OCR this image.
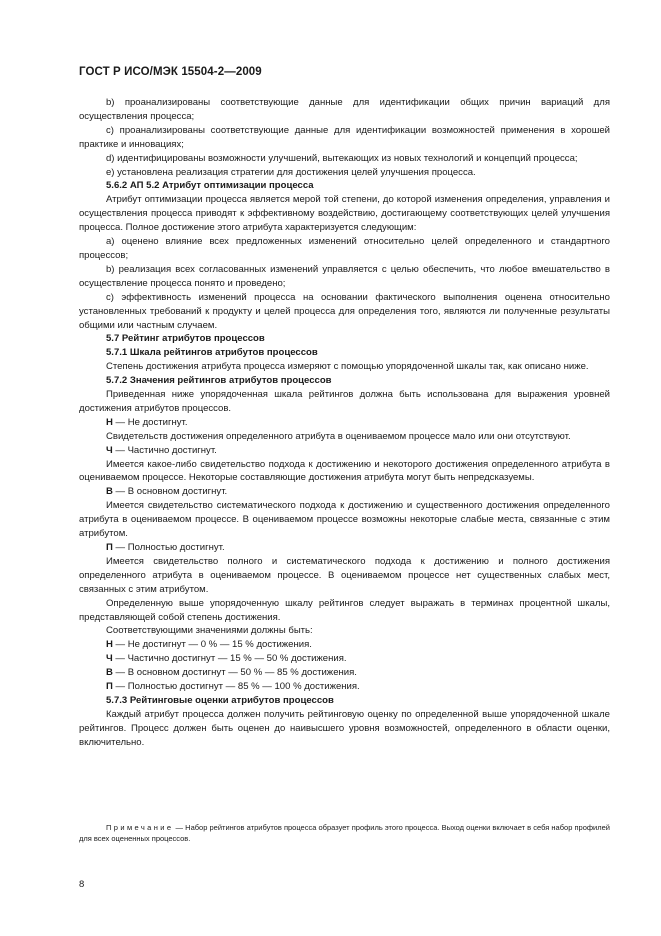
ГОСТ Р ИСО/МЭК 15504-2—2009

b) проанализированы соответствующие данные для идентификации общих причин вариаций для осуществления процесса;

c) проанализированы соответствующие данные для идентификации возможностей применения в хорошей практике и инновациях;

d) идентифицированы возможности улучшений, вытекающих из новых технологий и концепций процесса;

e) установлена реализация стратегии для достижения целей улучшения процесса.

5.6.2 АП 5.2 Атрибут оптимизации процесса

Атрибут оптимизации процесса является мерой той степени, до которой изменения определения, управления и осуществления процесса приводят к эффективному воздействию, достигающему соответствующих целей улучшения процесса. Полное достижение этого атрибута характеризуется следующим:

a) оценено влияние всех предложенных изменений относительно целей определенного и стандартного процессов;

b) реализация всех согласованных изменений управляется с целью обеспечить, что любое вмешательство в осуществление процесса понято и проведено;

c) эффективность изменений процесса на основании фактического выполнения оценена относительно установленных требований к продукту и целей процесса для определения того, являются ли полученные результаты общими или частным случаем.

5.7 Рейтинг атрибутов процессов

5.7.1 Шкала рейтингов атрибутов процессов

Степень достижения атрибута процесса измеряют с помощью упорядоченной шкалы так, как описано ниже.

5.7.2 Значения рейтингов атрибутов процессов

Приведенная ниже упорядоченная шкала рейтингов должна быть использована для выражения уровней достижения атрибутов процессов.

Н — Не достигнут.

Свидетельств достижения определенного атрибута в оцениваемом процессе мало или они отсутствуют.

Ч — Частично достигнут.

Имеется какое-либо свидетельство подхода к достижению и некоторого достижения определенного атрибута в оцениваемом процессе. Некоторые составляющие достижения атрибута могут быть непредсказуемы.

В — В основном достигнут.

Имеется свидетельство систематического подхода к достижению и существенного достижения определенного атрибута в оцениваемом процессе. В оцениваемом процессе возможны некоторые слабые места, связанные с этим атрибутом.

П — Полностью достигнут.

Имеется свидетельство полного и систематического подхода к достижению и полного достижения определенного атрибута в оцениваемом процессе. В оцениваемом процессе нет существенных слабых мест, связанных с этим атрибутом.

Определенную выше упорядоченную шкалу рейтингов следует выражать в терминах процентной шкалы, представляющей собой степень достижения.

Соответствующими значениями должны быть:

Н — Не достигнут — 0 % — 15 % достижения.

Ч — Частично достигнут — 15 % — 50 % достижения.

В — В основном достигнут — 50 % — 85 % достижения.

П — Полностью достигнут — 85 % — 100 % достижения.

5.7.3 Рейтинговые оценки атрибутов процессов

Каждый атрибут процесса должен получить рейтинговую оценку по определенной выше упорядоченной шкале рейтингов. Процесс должен быть оценен до наивысшего уровня возможностей, определенного в области оценки, включительно.

Примечание — Набор рейтингов атрибутов процесса образует профиль этого процесса. Выход оценки включает в себя набор профилей для всех оцененных процессов.

8
